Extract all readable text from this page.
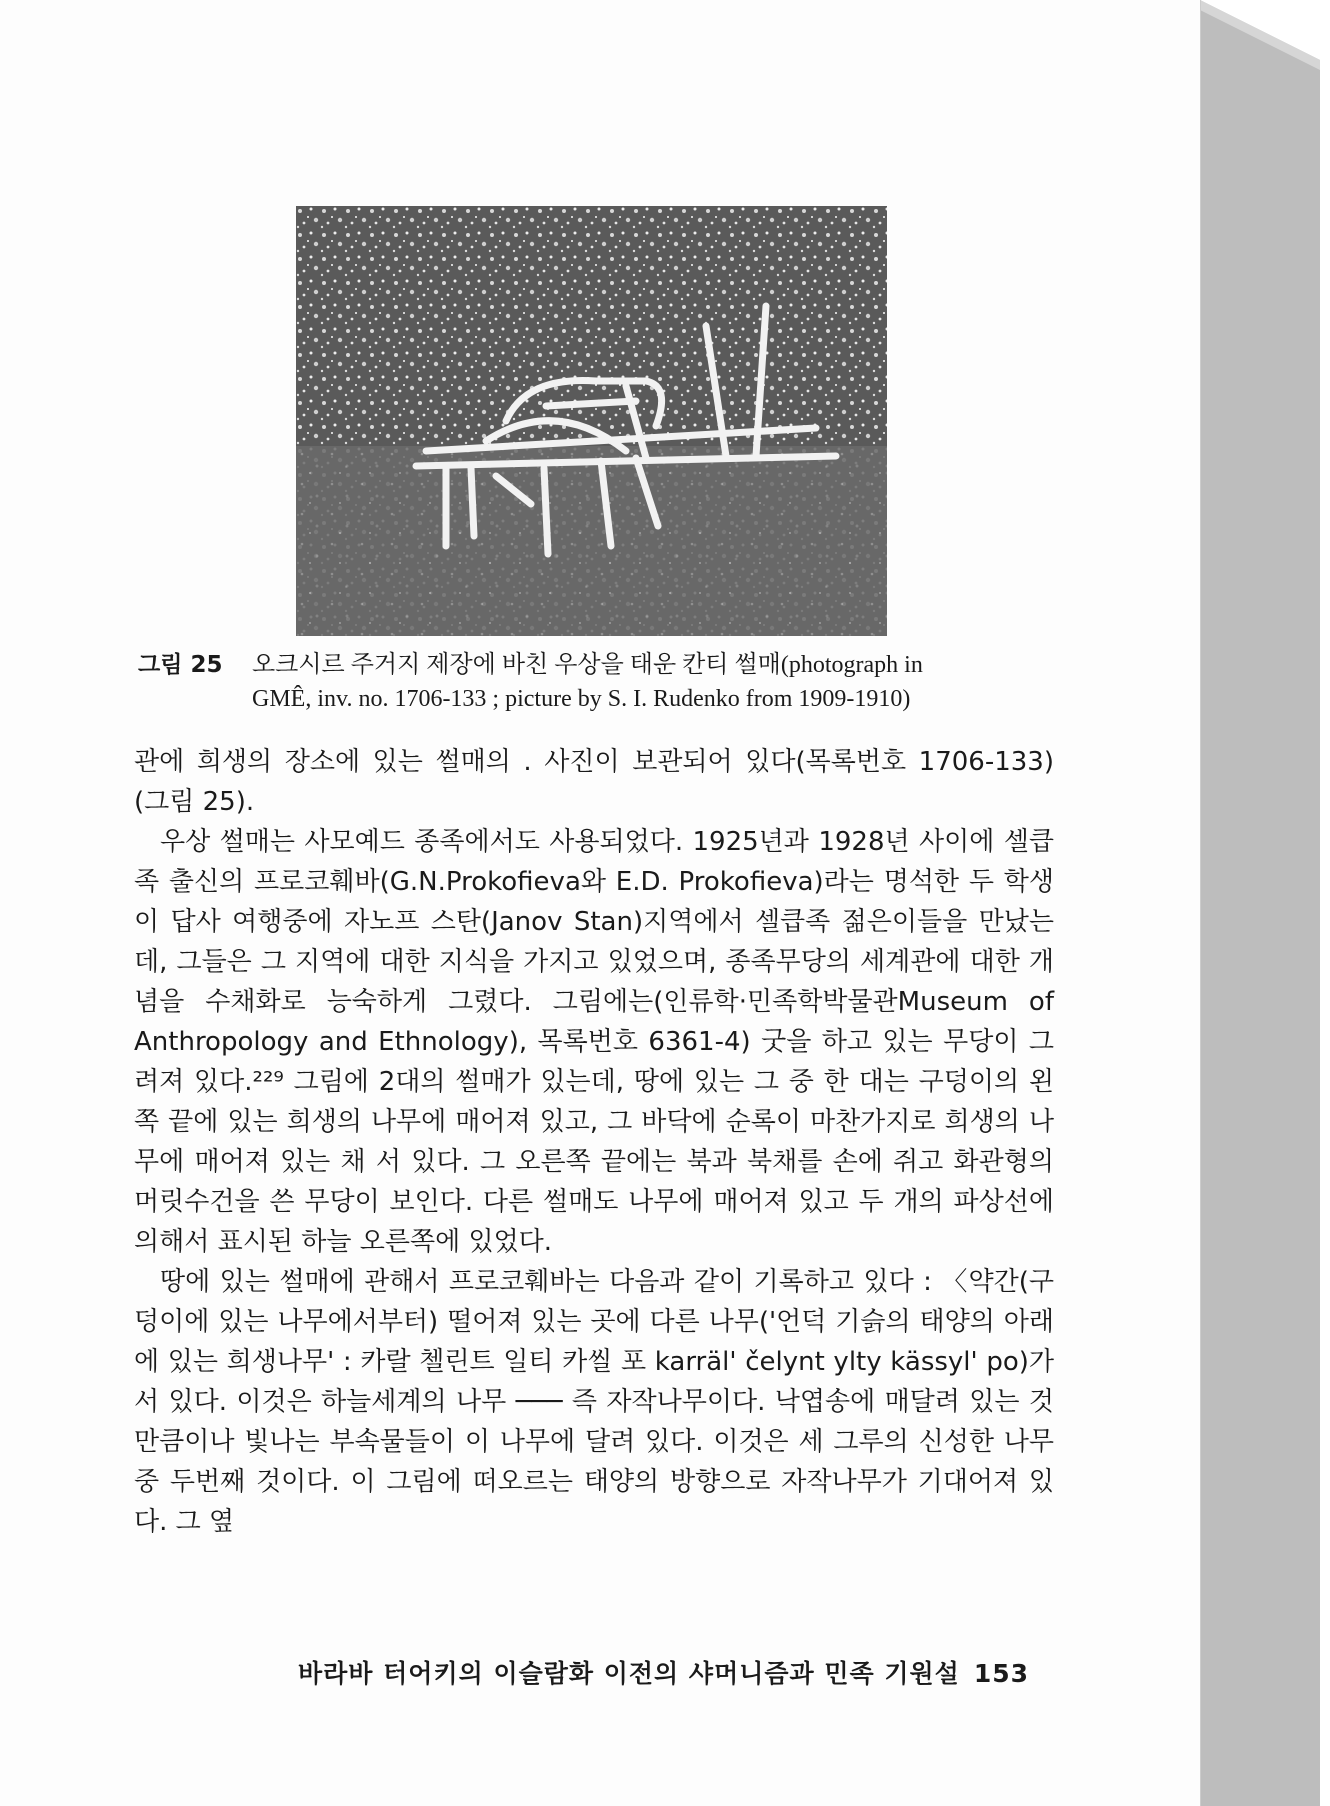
그림 25 오크시르 주거지 제장에 바친 우상을 태운 칸티 썰매(photograph in
GMÊ, inv. no. 1706-133 ; picture by S. I. Rudenko from 1909-1910)

관에 희생의 장소에 있는 썰매의 . 사진이 보관되어 있다(목록번호 1706-133) (그림 25).

우상 썰매는 사모예드 종족에서도 사용되었다. 1925년과 1928년 사이에 셀큽족 출신의 프로코훼바(G.N.Prokofieva와 E.D. Prokofieva)라는 명석한 두 학생이 답사 여행중에 자노프 스탄(Janov Stan)지역에서 셀큽족 젊은이들을 만났는데, 그들은 그 지역에 대한 지식을 가지고 있었으며, 종족무당의 세계관에 대한 개념을 수채화로 능숙하게 그렸다. 그림에는(인류학·민족학박물관Museum of Anthropology and Ethnology), 목록번호 6361-4) 굿을 하고 있는 무당이 그려져 있다.²²⁹ 그림에 2대의 썰매가 있는데, 땅에 있는 그 중 한 대는 구덩이의 왼쪽 끝에 있는 희생의 나무에 매어져 있고, 그 바닥에 순록이 마찬가지로 희생의 나무에 매어져 있는 채 서 있다. 그 오른쪽 끝에는 북과 북채를 손에 쥐고 화관형의 머릿수건을 쓴 무당이 보인다. 다른 썰매도 나무에 매어져 있고 두 개의 파상선에 의해서 표시된 하늘 오른쪽에 있었다.

땅에 있는 썰매에 관해서 프로코훼바는 다음과 같이 기록하고 있다 : 〈약간(구덩이에 있는 나무에서부터) 떨어져 있는 곳에 다른 나무('언덕 기슭의 태양의 아래에 있는 희생나무' : 카랄 첼린트 일티 카씰 포 karräl' čelynt ylty kässyl' po)가 서 있다. 이것은 하늘세계의 나무 ─── 즉 자작나무이다. 낙엽송에 매달려 있는 것만큼이나 빛나는 부속물들이 이 나무에 달려 있다. 이것은 세 그루의 신성한 나무 중 두번째 것이다. 이 그림에 떠오르는 태양의 방향으로 자작나무가 기대어져 있다. 그 옆

바라바 터어키의 이슬람화 이전의 샤머니즘과 민족 기원설 153
